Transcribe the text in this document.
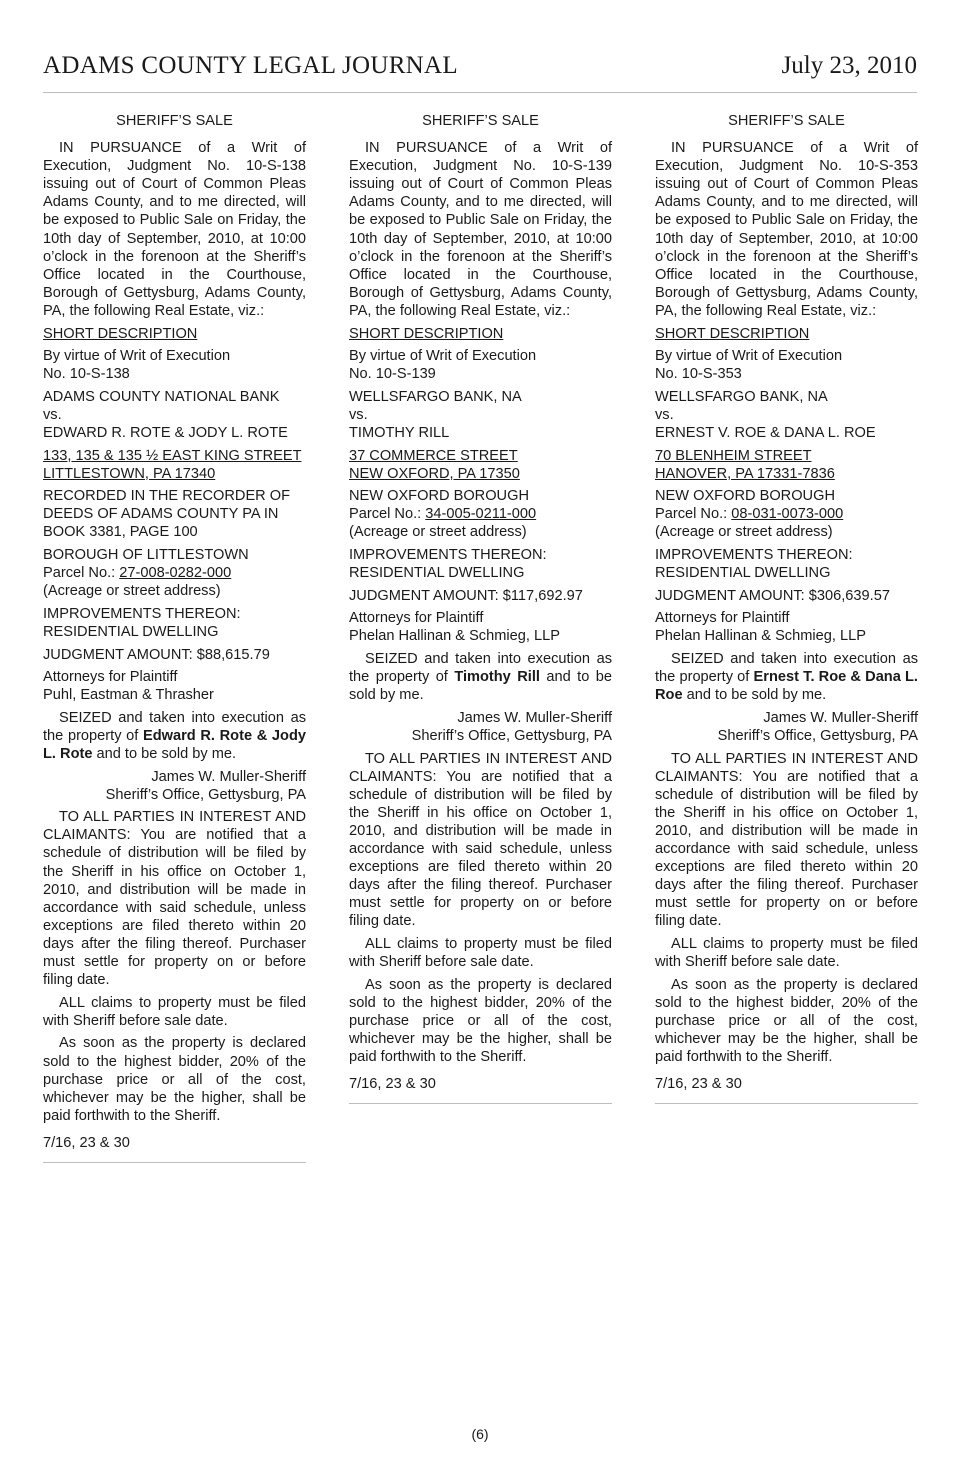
ADAMS COUNTY LEGAL JOURNAL	July 23, 2010

SHERIFF’S SALE

IN PURSUANCE of a Writ of Execution, Judgment No. 10-S-138 issuing out of Court of Common Pleas Adams County, and to me directed, will be exposed to Public Sale on Friday, the 10th day of September, 2010, at 10:00 o’clock in the forenoon at the Sheriff’s Office located in the Courthouse, Borough of Gettysburg, Adams County, PA, the following Real Estate, viz.:

SHORT DESCRIPTION

By virtue of Writ of Execution
No. 10-S-138

ADAMS COUNTY NATIONAL BANK
vs.
EDWARD R. ROTE & JODY L. ROTE

133, 135 & 135 ½ EAST KING STREET
LITTLESTOWN, PA 17340

RECORDED IN THE RECORDER OF
DEEDS OF ADAMS COUNTY PA IN
BOOK 3381, PAGE 100

BOROUGH OF LITTLESTOWN
Parcel No.: 27-008-0282-000
(Acreage or street address)

IMPROVEMENTS THEREON:
RESIDENTIAL DWELLING

JUDGMENT AMOUNT: $88,615.79

Attorneys for Plaintiff
Puhl, Eastman & Thrasher

SEIZED and taken into execution as the property of Edward R. Rote & Jody L. Rote and to be sold by me.

James W. Muller-Sheriff
Sheriff’s Office, Gettysburg, PA

TO ALL PARTIES IN INTEREST AND CLAIMANTS: You are notified that a schedule of distribution will be filed by the Sheriff in his office on October 1, 2010, and distribution will be made in accordance with said schedule, unless exceptions are filed thereto within 20 days after the filing thereof. Purchaser must settle for property on or before filing date.

ALL claims to property must be filed with Sheriff before sale date.

As soon as the property is declared sold to the highest bidder, 20% of the purchase price or all of the cost, whichever may be the higher, shall be paid forthwith to the Sheriff.

7/16, 23 & 30

SHERIFF’S SALE

IN PURSUANCE of a Writ of Execution, Judgment No. 10-S-139 issuing out of Court of Common Pleas Adams County, and to me directed, will be exposed to Public Sale on Friday, the 10th day of September, 2010, at 10:00 o’clock in the forenoon at the Sheriff’s Office located in the Courthouse, Borough of Gettysburg, Adams County, PA, the following Real Estate, viz.:

SHORT DESCRIPTION

By virtue of Writ of Execution
No. 10-S-139

WELLSFARGO BANK, NA
vs.
TIMOTHY RILL

37 COMMERCE STREET
NEW OXFORD, PA 17350

NEW OXFORD BOROUGH
Parcel No.: 34-005-0211-000
(Acreage or street address)

IMPROVEMENTS THEREON:
RESIDENTIAL DWELLING

JUDGMENT AMOUNT: $117,692.97

Attorneys for Plaintiff
Phelan Hallinan & Schmieg, LLP

SEIZED and taken into execution as the property of Timothy Rill and to be sold by me.

James W. Muller-Sheriff
Sheriff’s Office, Gettysburg, PA

TO ALL PARTIES IN INTEREST AND CLAIMANTS: You are notified that a schedule of distribution will be filed by the Sheriff in his office on October 1, 2010, and distribution will be made in accordance with said schedule, unless exceptions are filed thereto within 20 days after the filing thereof. Purchaser must settle for property on or before filing date.

ALL claims to property must be filed with Sheriff before sale date.

As soon as the property is declared sold to the highest bidder, 20% of the purchase price or all of the cost, whichever may be the higher, shall be paid forthwith to the Sheriff.

7/16, 23 & 30

SHERIFF’S SALE

IN PURSUANCE of a Writ of Execution, Judgment No. 10-S-353 issuing out of Court of Common Pleas Adams County, and to me directed, will be exposed to Public Sale on Friday, the 10th day of September, 2010, at 10:00 o’clock in the forenoon at the Sheriff’s Office located in the Courthouse, Borough of Gettysburg, Adams County, PA, the following Real Estate, viz.:

SHORT DESCRIPTION

By virtue of Writ of Execution
No. 10-S-353

WELLSFARGO BANK, NA
vs.
ERNEST V. ROE & DANA L. ROE

70 BLENHEIM STREET
HANOVER, PA 17331-7836

NEW OXFORD BOROUGH
Parcel No.: 08-031-0073-000
(Acreage or street address)

IMPROVEMENTS THEREON:
RESIDENTIAL DWELLING

JUDGMENT AMOUNT: $306,639.57

Attorneys for Plaintiff
Phelan Hallinan & Schmieg, LLP

SEIZED and taken into execution as the property of Ernest T. Roe & Dana L. Roe and to be sold by me.

James W. Muller-Sheriff
Sheriff’s Office, Gettysburg, PA

TO ALL PARTIES IN INTEREST AND CLAIMANTS: You are notified that a schedule of distribution will be filed by the Sheriff in his office on October 1, 2010, and distribution will be made in accordance with said schedule, unless exceptions are filed thereto within 20 days after the filing thereof. Purchaser must settle for property on or before filing date.

ALL claims to property must be filed with Sheriff before sale date.

As soon as the property is declared sold to the highest bidder, 20% of the purchase price or all of the cost, whichever may be the higher, shall be paid forthwith to the Sheriff.

7/16, 23 & 30

(6)
